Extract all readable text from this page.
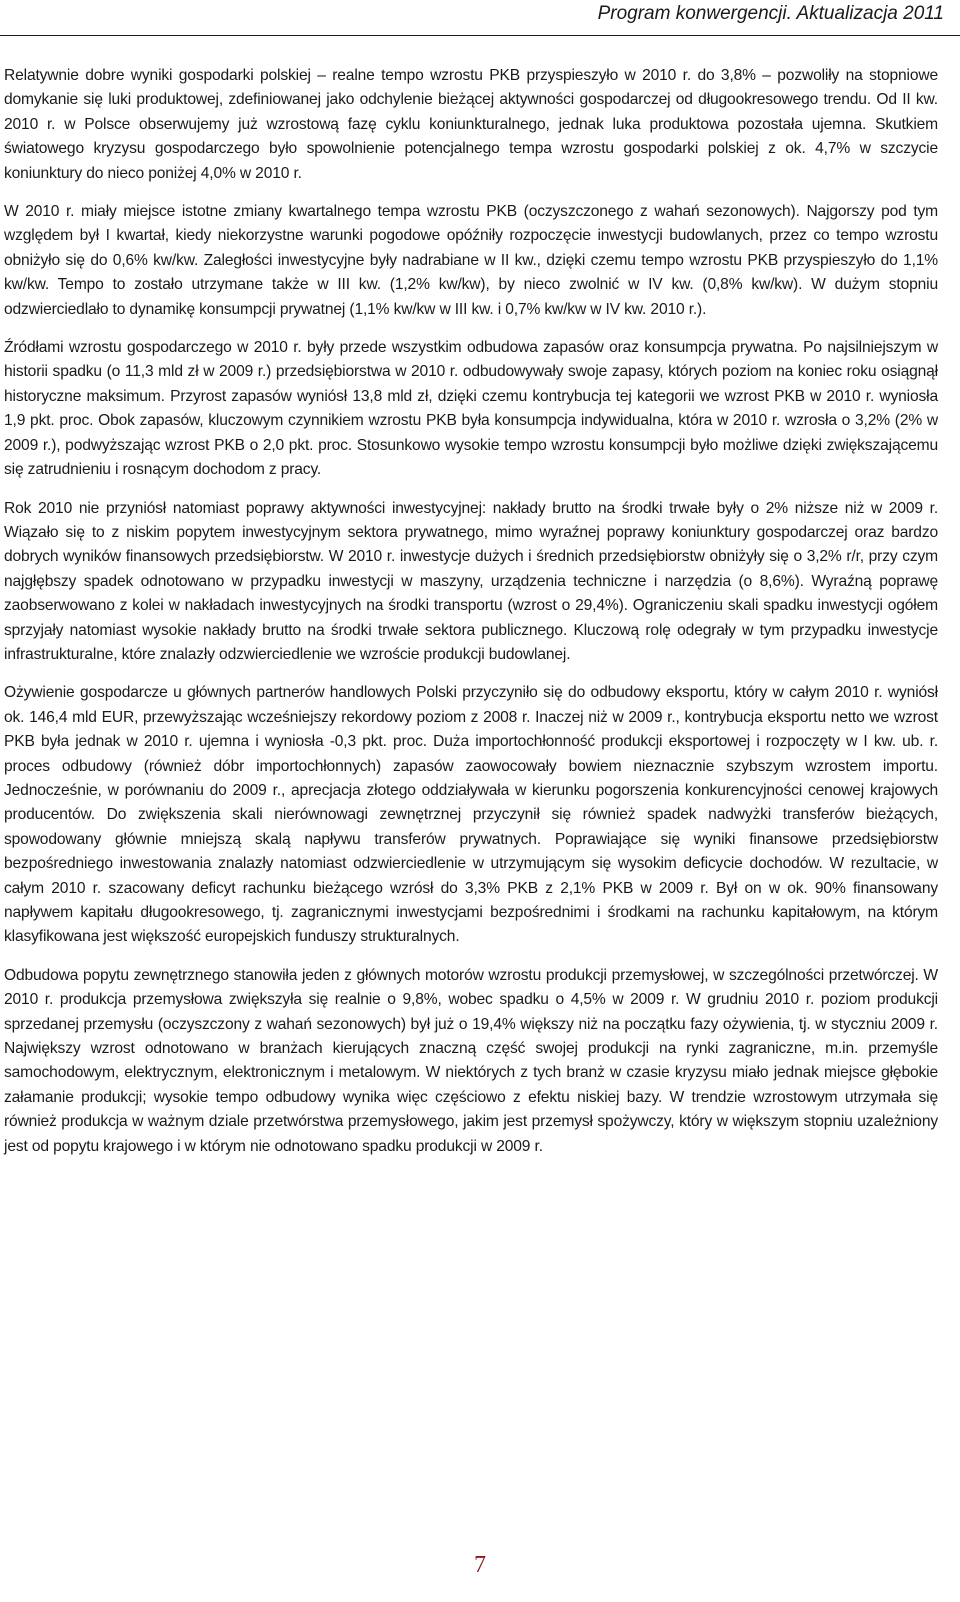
Program konwergencji. Aktualizacja 2011

Relatywnie dobre wyniki gospodarki polskiej – realne tempo wzrostu PKB przyspieszyło w 2010 r. do 3,8% – pozwoliły na stopniowe domykanie się luki produktowej, zdefiniowanej jako odchylenie bieżącej aktywności gospodarczej od długookresowego trendu. Od II kw. 2010 r. w Polsce obserwujemy już wzrostową fazę cyklu koniunkturalnego, jednak luka produktowa pozostała ujemna. Skutkiem światowego kryzysu gospodarczego było spowolnienie potencjalnego tempa wzrostu gospodarki polskiej z ok. 4,7% w szczycie koniunktury do nieco poniżej 4,0% w 2010 r.

W 2010 r. miały miejsce istotne zmiany kwartalnego tempa wzrostu PKB (oczyszczonego z wahań sezonowych). Najgorszy pod tym względem był I kwartał, kiedy niekorzystne warunki pogodowe opóźniły rozpoczęcie inwestycji budowlanych, przez co tempo wzrostu obniżyło się do 0,6% kw/kw. Zaległości inwestycyjne były nadrabiane w II kw., dzięki czemu tempo wzrostu PKB przyspieszyło do 1,1% kw/kw. Tempo to zostało utrzymane także w III kw. (1,2% kw/kw), by nieco zwolnić w IV kw. (0,8% kw/kw). W dużym stopniu odzwierciedlało to dynamikę konsumpcji prywatnej (1,1% kw/kw w III kw. i 0,7% kw/kw w IV kw. 2010 r.).

Źródłami wzrostu gospodarczego w 2010 r. były przede wszystkim odbudowa zapasów oraz konsumpcja prywatna. Po najsilniejszym w historii spadku (o 11,3 mld zł w 2009 r.) przedsiębiorstwa w 2010 r. odbudowywały swoje zapasy, których poziom na koniec roku osiągnął historyczne maksimum. Przyrost zapasów wyniósł 13,8 mld zł, dzięki czemu kontrybucja tej kategorii we wzrost PKB w 2010 r. wyniosła 1,9 pkt. proc. Obok zapasów, kluczowym czynnikiem wzrostu PKB była konsumpcja indywidualna, która w 2010 r. wzrosła o 3,2% (2% w 2009 r.), podwyższając wzrost PKB o 2,0 pkt. proc. Stosunkowo wysokie tempo wzrostu konsumpcji było możliwe dzięki zwiększającemu się zatrudnieniu i rosnącym dochodom z pracy.

Rok 2010 nie przyniósł natomiast poprawy aktywności inwestycyjnej: nakłady brutto na środki trwałe były o 2% niższe niż w 2009 r. Wiązało się to z niskim popytem inwestycyjnym sektora prywatnego, mimo wyraźnej poprawy koniunktury gospodarczej oraz bardzo dobrych wyników finansowych przedsiębiorstw. W 2010 r. inwestycje dużych i średnich przedsiębiorstw obniżyły się o 3,2% r/r, przy czym najgłębszy spadek odnotowano w przypadku inwestycji w maszyny, urządzenia techniczne i narzędzia (o 8,6%). Wyraźną poprawę zaobserwowano z kolei w nakładach inwestycyjnych na środki transportu (wzrost o 29,4%). Ograniczeniu skali spadku inwestycji ogółem sprzyjały natomiast wysokie nakłady brutto na środki trwałe sektora publicznego. Kluczową rolę odegrały w tym przypadku inwestycje infrastrukturalne, które znalazły odzwierciedlenie we wzroście produkcji budowlanej.

Ożywienie gospodarcze u głównych partnerów handlowych Polski przyczyniło się do odbudowy eksportu, który w całym 2010 r. wyniósł ok. 146,4 mld EUR, przewyższając wcześniejszy rekordowy poziom z 2008 r. Inaczej niż w 2009 r., kontrybucja eksportu netto we wzrost PKB była jednak w 2010 r. ujemna i wyniosła -0,3 pkt. proc. Duża importochłonność produkcji eksportowej i rozpoczęty w I kw. ub. r. proces odbudowy (również dóbr importochłonnych) zapasów zaowocowały bowiem nieznacznie szybszym wzrostem importu. Jednocześnie, w porównaniu do 2009 r., aprecjacja złotego oddziaływała w kierunku pogorszenia konkurencyjności cenowej krajowych producentów. Do zwiększenia skali nierównowagi zewnętrznej przyczynił się również spadek nadwyżki transferów bieżących, spowodowany głównie mniejszą skalą napływu transferów prywatnych. Poprawiające się wyniki finansowe przedsiębiorstw bezpośredniego inwestowania znalazły natomiast odzwierciedlenie w utrzymującym się wysokim deficycie dochodów. W rezultacie, w całym 2010 r. szacowany deficyt rachunku bieżącego wzrósł do 3,3% PKB z 2,1% PKB w 2009 r. Był on w ok. 90% finansowany napływem kapitału długookresowego, tj. zagranicznymi inwestycjami bezpośrednimi i środkami na rachunku kapitałowym, na którym klasyfikowana jest większość europejskich funduszy strukturalnych.

Odbudowa popytu zewnętrznego stanowiła jeden z głównych motorów wzrostu produkcji przemysłowej, w szczególności przetwórczej. W 2010 r. produkcja przemysłowa zwiększyła się realnie o 9,8%, wobec spadku o 4,5% w 2009 r. W grudniu 2010 r. poziom produkcji sprzedanej przemysłu (oczyszczony z wahań sezonowych) był już o 19,4% większy niż na początku fazy ożywienia, tj. w styczniu 2009 r. Największy wzrost odnotowano w branżach kierujących znaczną część swojej produkcji na rynki zagraniczne, m.in. przemyśle samochodowym, elektrycznym, elektronicznym i metalowym. W niektórych z tych branż w czasie kryzysu miało jednak miejsce głębokie załamanie produkcji; wysokie tempo odbudowy wynika więc częściowo z efektu niskiej bazy. W trendzie wzrostowym utrzymała się również produkcja w ważnym dziale przetwórstwa przemysłowego, jakim jest przemysł spożywczy, który w większym stopniu uzależniony jest od popytu krajowego i w którym nie odnotowano spadku produkcji w 2009 r.

7
